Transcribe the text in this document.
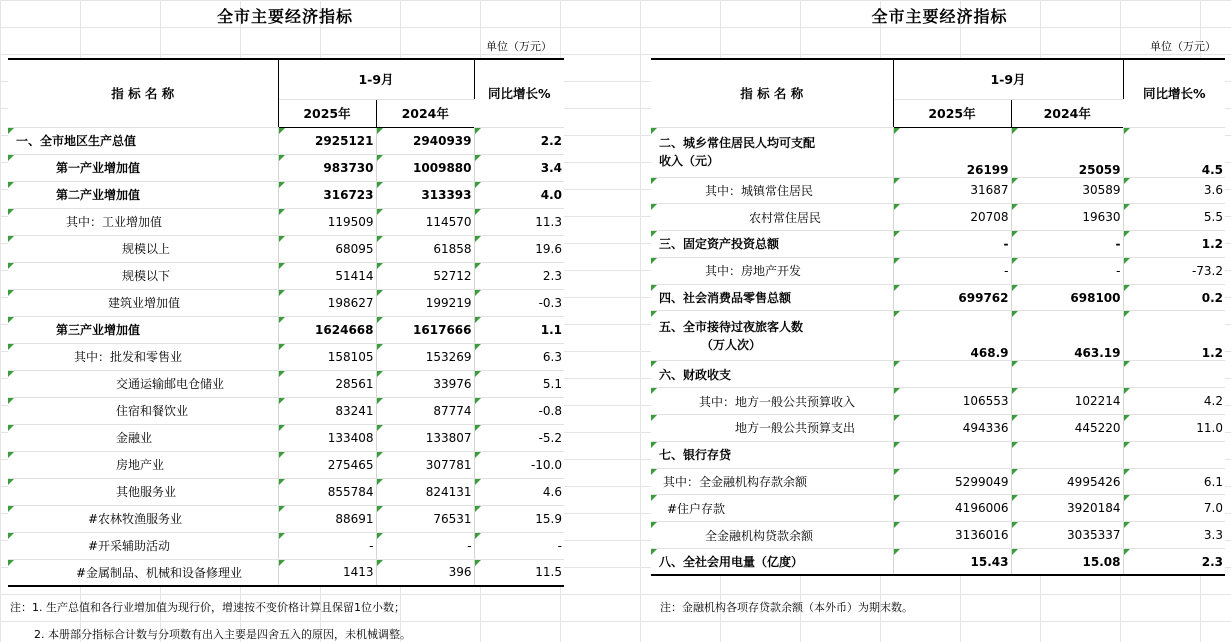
全市主要经济指标
单位（万元）
指 标 名 称	1-9月		同比增长%
	2025年	2024年	
一、全市地区生产总值	2925121	2940939	2.2
第一产业增加值	983730	1009880	3.4
第二产业增加值	316723	313393	4.0
其中：工业增加值	119509	114570	11.3
规模以上	68095	61858	19.6
规模以下	51414	52712	2.3
建筑业增加值	198627	199219	-0.3
第三产业增加值	1624668	1617666	1.1
其中：批发和零售业	158105	153269	6.3
交通运输邮电仓储业	28561	33976	5.1
住宿和餐饮业	83241	87774	-0.8
金融业	133408	133807	-5.2
房地产业	275465	307781	-10.0
其他服务业	855784	824131	4.6
#农林牧渔服务业	88691	76531	15.9
#开采辅助活动	-	-	-
#金属制品、机械和设备修理业	1413	396	11.5
注：1. 生产总值和各行业增加值为现行价，增速按不变价格计算且保留1位小数；
2. 本册部分指标合计数与分项数有出入主要是四舍五入的原因，未机械调整。
全市主要经济指标
单位（万元）
指 标 名 称	1-9月		同比增长%
	2025年	2024年	

二、城乡常住居民人均可支配
收入（元）	26199	25059	4.5
其中：城镇常住居民	31687	30589	3.6
农村常住居民	20708	19630	5.5
三、固定资产投资总额	-	-	1.2
其中：房地产开发	-	-	-73.2
四、社会消费品零售总额	699762	698100	0.2

五、全市接待过夜旅客人数
（万人次）	468.9	463.19	1.2
六、财政收支			
其中：地方一般公共预算收入	106553	102214	4.2
地方一般公共预算支出	494336	445220	11.0
七、银行存贷			
其中：全金融机构存款余额	5299049	4995426	6.1
#住户存款	4196006	3920184	7.0
全金融机构贷款余额	3136016	3035337	3.3
八、全社会用电量（亿度）	15.43	15.08	2.3
注：金融机构各项存贷款余额（本外币）为期末数。
